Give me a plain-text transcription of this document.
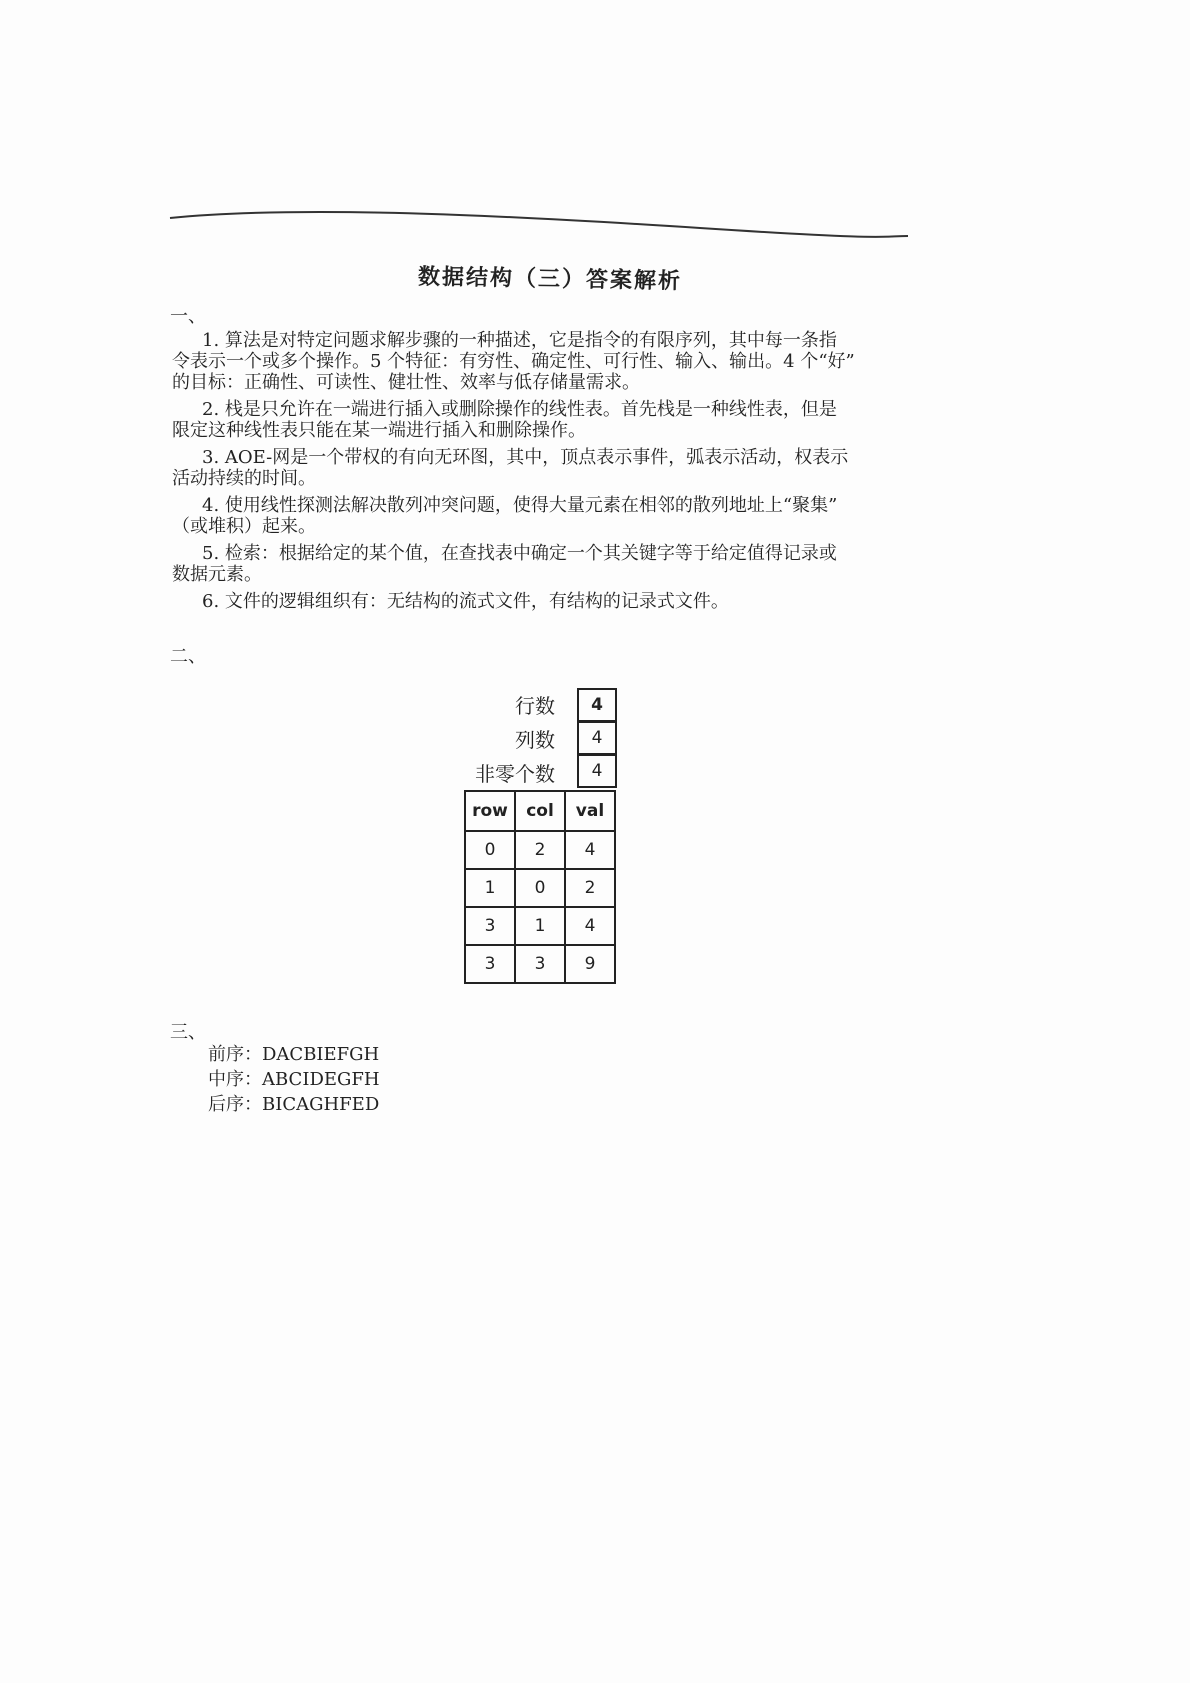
数据结构（三）答案解析
一、
1. 算法是对特定问题求解步骤的一种描述，它是指令的有限序列，其中每一条指
令表示一个或多个操作。5 个特征：有穷性、确定性、可行性、输入、输出。4 个“好”
的目标：正确性、可读性、健壮性、效率与低存储量需求。
2. 栈是只允许在一端进行插入或删除操作的线性表。首先栈是一种线性表，但是
限定这种线性表只能在某一端进行插入和删除操作。
3. AOE-网是一个带权的有向无环图，其中，顶点表示事件，弧表示活动，权表示
活动持续的时间。
4. 使用线性探测法解决散列冲突问题，使得大量元素在相邻的散列地址上“聚集”
（或堆积）起来。
5. 检索：根据给定的某个值，在查找表中确定一个其关键字等于给定值得记录或
数据元素。
6. 文件的逻辑组织有：无结构的流式文件，有结构的记录式文件。
二、
行数	4
列数	4
非零个数	4
row	col	val
0	2	4
1	0	2
3	1	4
3	3	9
三、
前序：DACBIEFGH
中序：ABCIDEGFH
后序：BICAGHFED
